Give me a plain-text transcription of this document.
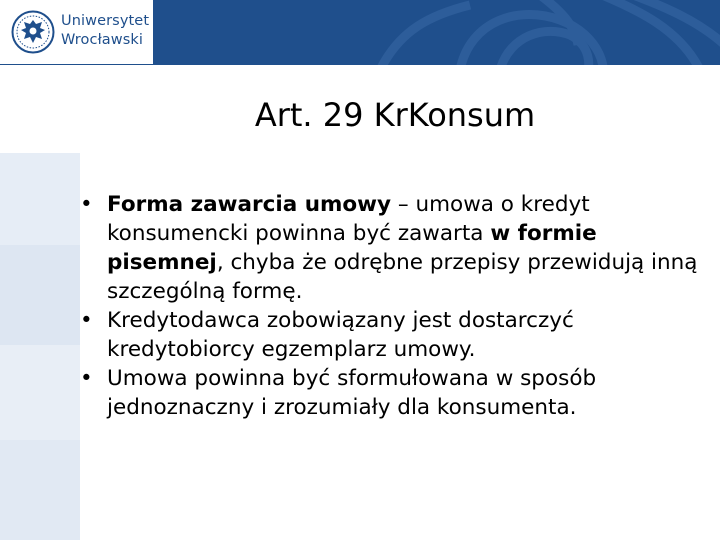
Uniwersytet
Wrocławski
Art. 29 KrKonsum
• Forma zawarcia umowy – umowa o kredyt konsumencki powinna być zawarta w formie pisemnej, chyba że odrębne przepisy przewidują inną szczególną formę.
• Kredytodawca zobowiązany jest dostarczyć kredytobiorcy egzemplarz umowy.
• Umowa powinna być sformułowana w sposób jednoznaczny i zrozumiały dla konsumenta.
